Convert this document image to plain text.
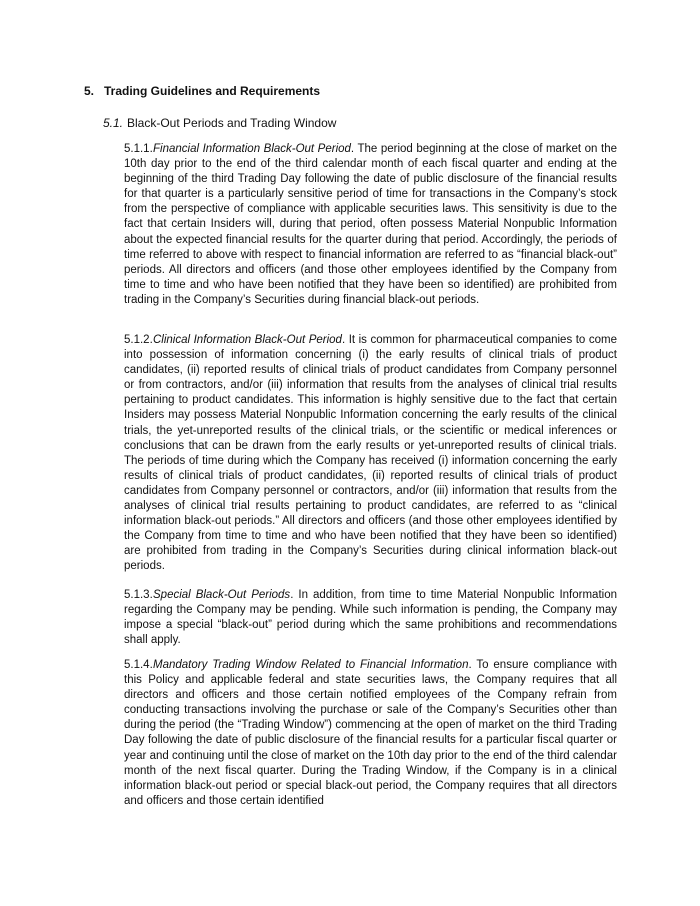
5. Trading Guidelines and Requirements
5.1. Black-Out Periods and Trading Window

5.1.1.Financial Information Black-Out Period. The period beginning at the close of market on the 10th day prior to the end of the third calendar month of each fiscal quarter and ending at the beginning of the third Trading Day following the date of public disclosure of the financial results for that quarter is a particularly sensitive period of time for transactions in the Company’s stock from the perspective of compliance with applicable securities laws. This sensitivity is due to the fact that certain Insiders will, during that period, often possess Material Nonpublic Information about the expected financial results for the quarter during that period. Accordingly, the periods of time referred to above with respect to financial information are referred to as “financial black-out” periods. All directors and officers (and those other employees identified by the Company from time to time and who have been notified that they have been so identified) are prohibited from trading in the Company’s Securities during financial black-out periods.

5.1.2.Clinical Information Black-Out Period. It is common for pharmaceutical companies to come into possession of information concerning (i) the early results of clinical trials of product candidates, (ii) reported results of clinical trials of product candidates from Company personnel or from contractors, and/or (iii) information that results from the analyses of clinical trial results pertaining to product candidates. This information is highly sensitive due to the fact that certain Insiders may possess Material Nonpublic Information concerning the early results of the clinical trials, the yet-unreported results of the clinical trials, or the scientific or medical inferences or conclusions that can be drawn from the early results or yet-unreported results of clinical trials. The periods of time during which the Company has received (i) information concerning the early results of clinical trials of product candidates, (ii) reported results of clinical trials of product candidates from Company personnel or contractors, and/or (iii) information that results from the analyses of clinical trial results pertaining to product candidates, are referred to as “clinical information black-out periods.” All directors and officers (and those other employees identified by the Company from time to time and who have been notified that they have been so identified) are prohibited from trading in the Company’s Securities during clinical information black-out periods.

5.1.3.Special Black-Out Periods. In addition, from time to time Material Nonpublic Information regarding the Company may be pending. While such information is pending, the Company may impose a special “black-out” period during which the same prohibitions and recommendations shall apply.

5.1.4.Mandatory Trading Window Related to Financial Information. To ensure compliance with this Policy and applicable federal and state securities laws, the Company requires that all directors and officers and those certain notified employees of the Company refrain from conducting transactions involving the purchase or sale of the Company’s Securities other than during the period (the “Trading Window”) commencing at the open of market on the third Trading Day following the date of public disclosure of the financial results for a particular fiscal quarter or year and continuing until the close of market on the 10th day prior to the end of the third calendar month of the next fiscal quarter. During the Trading Window, if the Company is in a clinical information black-out period or special black-out period, the Company requires that all directors and officers and those certain identified
